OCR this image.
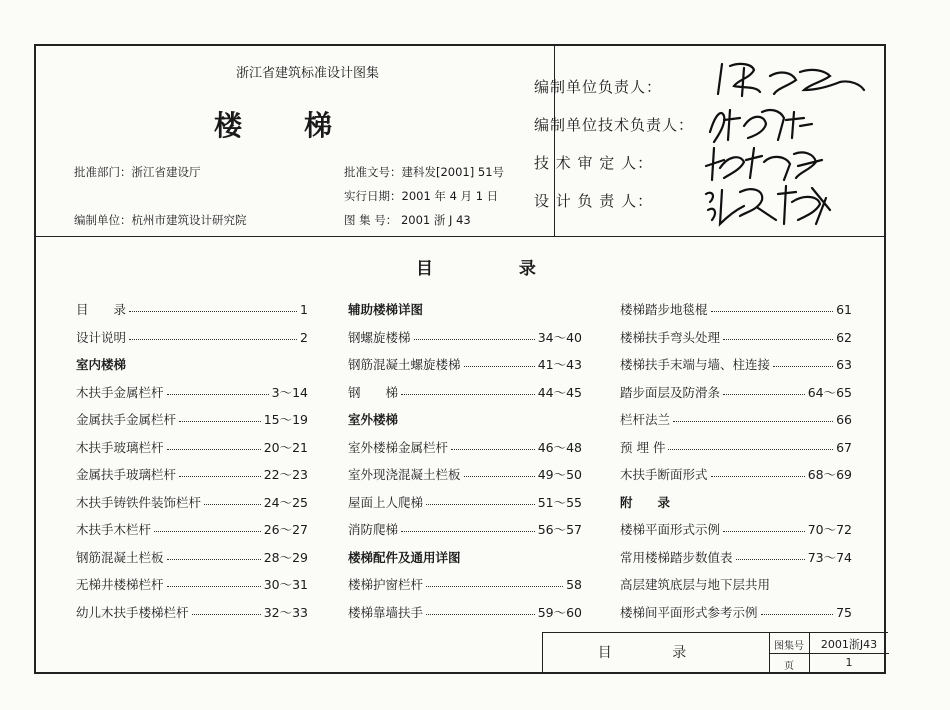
浙江省建筑标准设计图集
楼梯
批准部门：浙江省建设厅	批准文号：建科发[2001] 51号
实行日期：2001 年 4 月 1 日
编制单位：杭州市建筑设计研究院	图 集 号： 2001 浙 J 43
目 录
目　　录	1
设计说明	2
室内楼梯
木扶手金属栏杆	3～14
金属扶手金属栏杆	15～19
木扶手玻璃栏杆	20～21
金属扶手玻璃栏杆	22～23
木扶手铸铁件装饰栏杆	24～25
木扶手木栏杆	26～27
钢筋混凝土栏板	28～29
无梯井楼梯栏杆	30～31
幼儿木扶手楼梯栏杆	32～33
辅助楼梯详图
钢螺旋楼梯	34～40
钢筋混凝土螺旋楼梯	41～43
钢　　梯	44～45
室外楼梯
室外楼梯金属栏杆	46～48
室外现浇混凝土栏板	49～50
屋面上人爬梯	51～55
消防爬梯	56～57
楼梯配件及通用详图
楼梯护窗栏杆	58
楼梯靠墙扶手	59～60
楼梯踏步地毯棍	61
楼梯扶手弯头处理	62
楼梯扶手末端与墙、柱连接	63
踏步面层及防滑条	64～65
栏杆法兰	66
预 埋 件	67
木扶手断面形式	68～69
附　　录
楼梯平面形式示例	70～72
常用楼梯踏步数值表	73～74
高层建筑底层与地下层共用
楼梯间平面形式参考示例	75
目 录	图集号	2001浙J43
页	1
编制单位负责人：
编制单位技术负责人：
技 术 审 定 人：
设 计 负 责 人：
